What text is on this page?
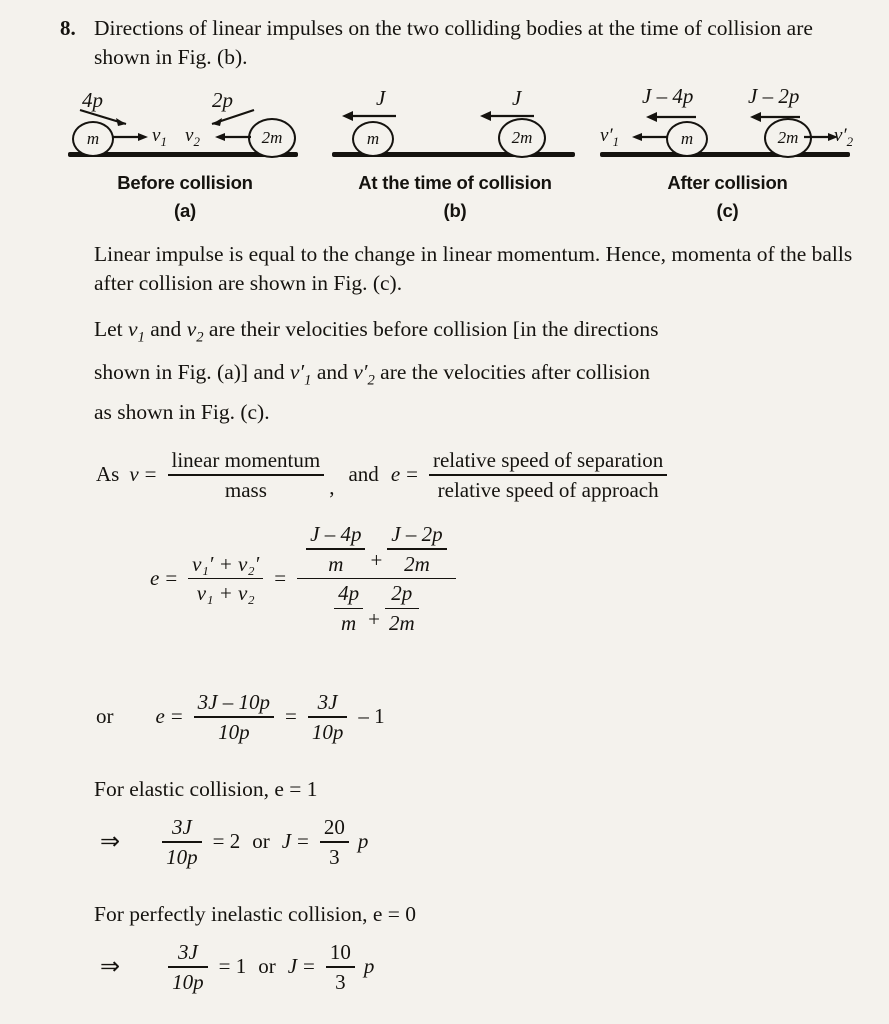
8. Directions of linear impulses on the two colliding bodies at the time of collision are shown in Fig. (b).
4p	2p
m	2m
$v_1$ $v_2$
Before collision
(a)
J	J
m	2m
At the time of collision
(b)
J – 4p	J – 2p
$v'_1$	m	2m $v'_2$
After collision
(c)
Linear impulse is equal to the change in linear momentum. Hence, momenta of the balls after collision are shown in Fig. (c).
Let $v_1$ and $v_2$ are their velocities before collision [in the directions
shown in Fig. (a)] and $v'_1$ and $v'_2$ are the velocities after collision
as shown in Fig. (c).
As $v = \frac{\text{linear momentum}}{\text{mass}}$ ,
and $e = \frac{\text{relative speed of separation}}{\text{relative speed of approach}}$
$e = \frac{\text{v₁′ + v₂′}}{\text{v₁ + v₂}}$ =
$\frac{J - 4p}{m} + \frac{J - 2p}{2m}$
$\frac{4p}{m} + \frac{2p}{2m}$
or $e = \frac{3J - 10p}{10p} = \frac{3J}{10p} - 1$
For elastic collision, e = 1
⇒ $\frac{3J}{10p} = 2$ or $J = \frac{20}{3}$ p
For perfectly inelastic collision, e = 0
⇒ $\frac{3J}{10p} = 1$ or $J = \frac{10}{3}$ p
